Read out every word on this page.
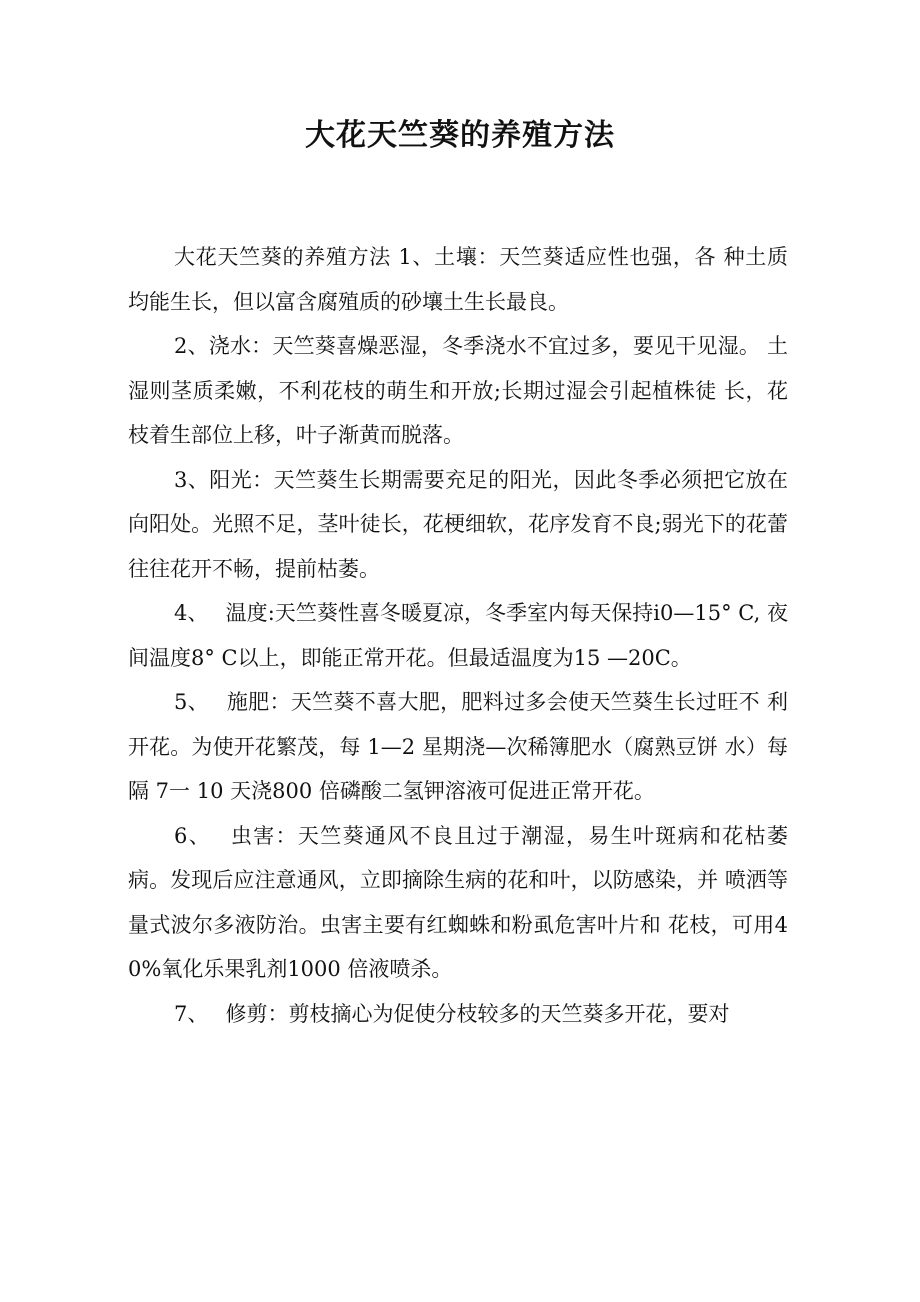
大花天竺葵的养殖方法

大花天竺葵的养殖方法 1、土壤：天竺葵适应性也强，各 种土质均能生长，但以富含腐殖质的砂壤土生长最良。

2、浇水：天竺葵喜燥恶湿，冬季浇水不宜过多，要见干见湿。 土湿则茎质柔嫩，不利花枝的萌生和开放;长期过湿会引起植株徒 长，花枝着生部位上移，叶子渐黄而脱落。

3、阳光：天竺葵生长期需要充足的阳光，因此冬季必须把它放在向阳处。光照不足，茎叶徒长，花梗细软，花序发育不良;弱光下的花蕾往往花开不畅，提前枯萎。

4、　 温度:天竺葵性喜冬暖夏凉，冬季室内每天保持i0—15° C, 夜间温度8° C以上，即能正常开花。但最适温度为15 —20C。

5、　 施肥：天竺葵不喜大肥，肥料过多会使天竺葵生长过旺不 利开花。为使开花繁茂，每 1—2 星期浇—次稀簿肥水（腐熟豆饼 水）每隔 7一 10 天浇800 倍磷酸二氢钾溶液可促进正常开花。

6、　 虫害：天竺葵通风不良且过于潮湿，易生叶斑病和花枯萎 病。发现后应注意通风，立即摘除生病的花和叶，以防感染，并 喷洒等量式波尔多液防治。虫害主要有红蜘蛛和粉虱危害叶片和 花枝，可用40%氧化乐果乳剂1000 倍液喷杀。

7、　 修剪：剪枝摘心为促使分枝较多的天竺葵多开花，要对
